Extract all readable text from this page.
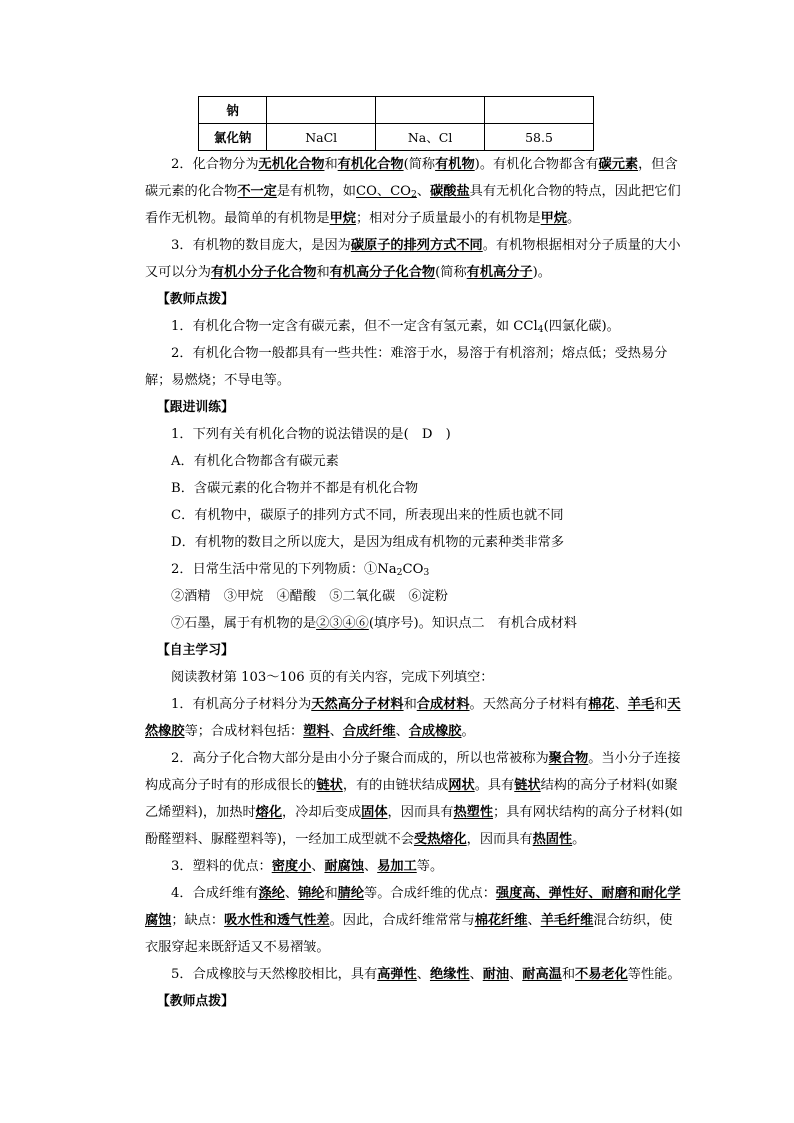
钠			
氯化钠	NaCl	Na、Cl	58.5

2．化合物分为无机化合物和有机化合物(简称有机物)。有机化合物都含有碳元素，但含碳元素的化合物不一定是有机物，如CO、$CO_2$、碳酸盐具有无机化合物的特点，因此把它们看作无机物。最简单的有机物是甲烷；相对分子质量最小的有机物是甲烷。

3．有机物的数目庞大，是因为碳原子的排列方式不同。有机物根据相对分子质量的大小又可以分为有机小分子化合物和有机高分子化合物(简称有机高分子)。

【教师点拨】

1．有机化合物一定含有碳元素，但不一定含有氢元素，如 CCl$_4$(四氯化碳)。

2．有机化合物一般都具有一些共性：难溶于水，易溶于有机溶剂；熔点低；受热易分解；易燃烧；不导电等。

【跟进训练】

1．下列有关有机化合物的说法错误的是(　D　)

A．有机化合物都含有碳元素

B．含碳元素的化合物并不都是有机化合物

C．有机物中，碳原子的排列方式不同，所表现出来的性质也就不同

D．有机物的数目之所以庞大，是因为组成有机物的元素种类非常多

2．日常生活中常见的下列物质：$①Na_2CO_3$

②酒精　③甲烷　④醋酸　⑤二氧化碳　⑥淀粉

⑦石墨，属于有机物的是②③④⑥(填序号)。知识点二　有机合成材料

【自主学习】

阅读教材第 103～106 页的有关内容，完成下列填空：

1．有机高分子材料分为天然高分子材料和合成材料。天然高分子材料有棉花、羊毛和天然橡胶等；合成材料包括：塑料、合成纤维、合成橡胶。

2．高分子化合物大部分是由小分子聚合而成的，所以也常被称为聚合物。当小分子连接构成高分子时有的形成很长的链状，有的由链状结成网状。具有链状结构的高分子材料(如聚乙烯塑料)，加热时熔化，冷却后变成固体，因而具有热塑性；具有网状结构的高分子材料(如酚醛塑料、脲醛塑料等)，一经加工成型就不会受热熔化，因而具有热固性。

3．塑料的优点：密度小、耐腐蚀、易加工等。

4．合成纤维有涤纶、锦纶和腈纶等。合成纤维的优点：强度高、弹性好、耐磨和耐化学腐蚀；缺点：吸水性和透气性差。因此，合成纤维常常与棉花纤维、羊毛纤维混合纺织，使衣服穿起来既舒适又不易褶皱。

5．合成橡胶与天然橡胶相比，具有高弹性、绝缘性、耐油、耐高温和不易老化等性能。

【教师点拨】
